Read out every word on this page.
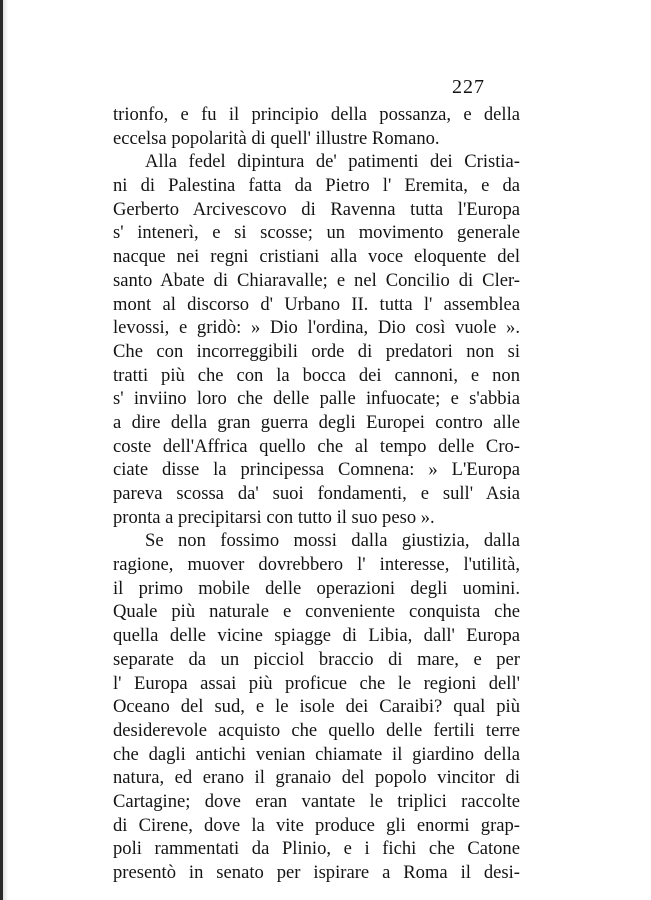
227
trionfo, e fu il principio della possanza, e della
eccelsa popolarità di quell' illustre Romano.
Alla fedel dipintura de' patimenti dei Cristia-
ni di Palestina fatta da Pietro l' Eremita, e da
Gerberto Arcivescovo di Ravenna tutta l'Europa
s' intenerì, e si scosse; un movimento generale
nacque nei regni cristiani alla voce eloquente del
santo Abate di Chiaravalle; e nel Concilio di Cler-
mont al discorso d' Urbano II. tutta l' assemblea
levossi, e gridò: » Dio l'ordina, Dio così vuole ».
Che con incorreggibili orde di predatori non si
tratti più che con la bocca dei cannoni, e non
s' inviino loro che delle palle infuocate; e s'abbia
a dire della gran guerra degli Europei contro alle
coste dell'Affrica quello che al tempo delle Cro-
ciate disse la principessa Comnena: » L'Europa
pareva scossa da' suoi fondamenti, e sull' Asia
pronta a precipitarsi con tutto il suo peso ».
Se non fossimo mossi dalla giustizia, dalla
ragione, muover dovrebbero l' interesse, l'utilità,
il primo mobile delle operazioni degli uomini.
Quale più naturale e conveniente conquista che
quella delle vicine spiagge di Libia, dall' Europa
separate da un picciol braccio di mare, e per
l' Europa assai più proficue che le regioni dell'
Oceano del sud, e le isole dei Caraibi? qual più
desiderevole acquisto che quello delle fertili terre
che dagli antichi venian chiamate il giardino della
natura, ed erano il granaio del popolo vincitor di
Cartagine; dove eran vantate le triplici raccolte
di Cirene, dove la vite produce gli enormi grap-
poli rammentati da Plinio, e i fichi che Catone
presentò in senato per ispirare a Roma il desi-
